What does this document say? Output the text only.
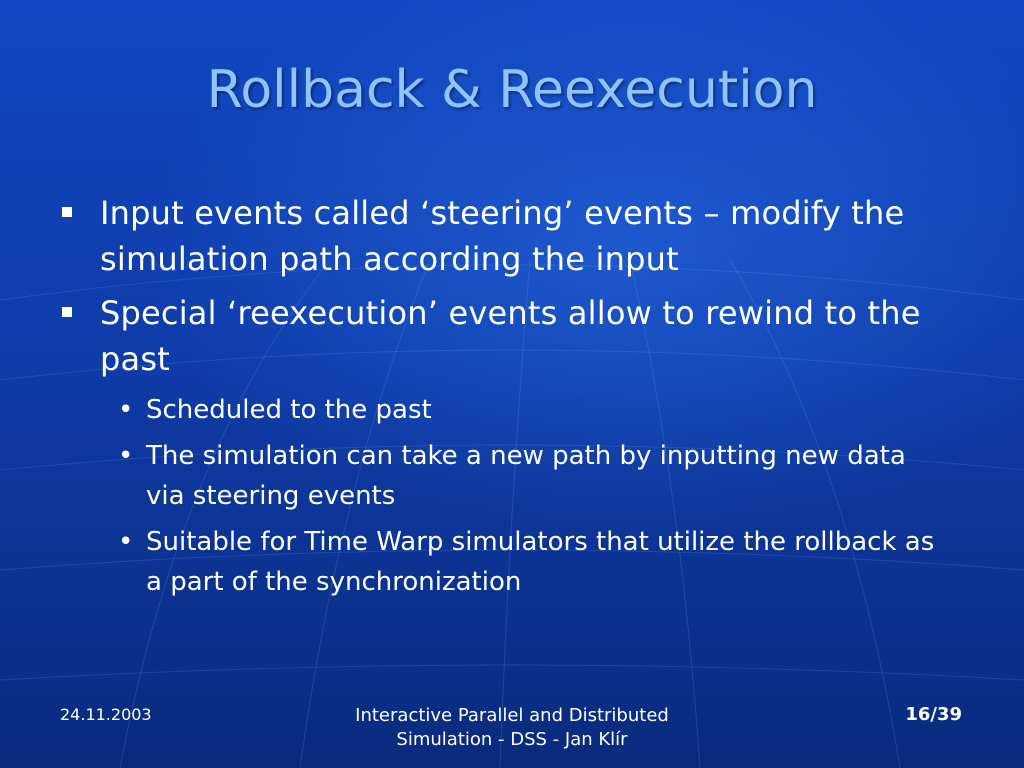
Rollback & Reexecution
Input events called ‘steering’ events – modify the simulation path according the input
Special ‘reexecution’ events allow to rewind to the past
• Scheduled to the past
• The simulation can take a new path by inputting new data via steering events
• Suitable for Time Warp simulators that utilize the rollback as a part of the synchronization
24.11.2003	Interactive Parallel and Distributed
Simulation - DSS - Jan Klír
16/39
